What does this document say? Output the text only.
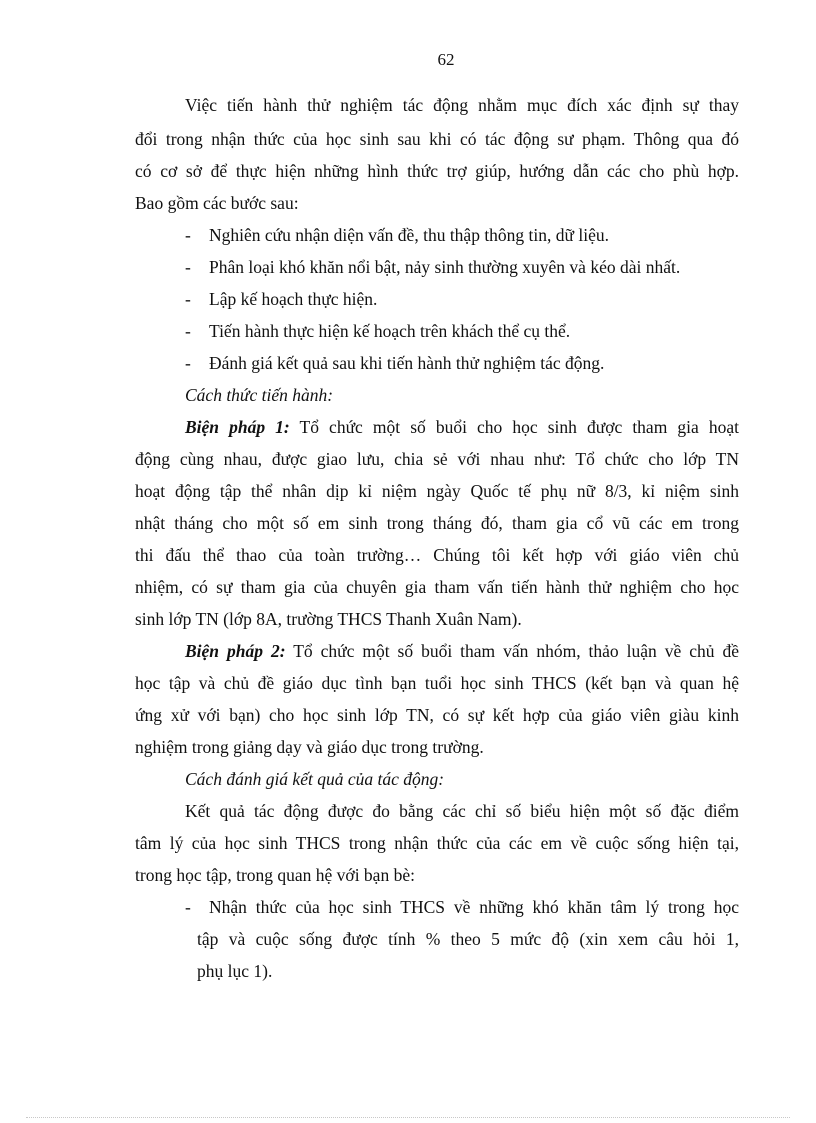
62
Việc tiến hành thử nghiệm tác động nhằm mục đích xác định sự thay
đổi trong nhận thức của học sinh sau khi có tác động sư phạm. Thông qua đó
có cơ sở để thực hiện những hình thức trợ giúp, hướng dẫn các cho phù hợp.
Bao gồm các bước sau:
- Nghiên cứu nhận diện vấn đề, thu thập thông tin, dữ liệu.
- Phân loại khó khăn nổi bật, nảy sinh thường xuyên và kéo dài nhất.
- Lập kế hoạch thực hiện.
- Tiến hành thực hiện kế hoạch trên khách thể cụ thể.
- Đánh giá kết quả sau khi tiến hành thử nghiệm tác động.
Cách thức tiến hành:
Biện pháp 1: Tổ chức một số buổi cho học sinh được tham gia hoạt
động cùng nhau, được giao lưu, chia sẻ với nhau như: Tổ chức cho lớp TN
hoạt động tập thể nhân dịp kỉ niệm ngày Quốc tế phụ nữ 8/3, kỉ niệm sinh
nhật tháng cho một số em sinh trong tháng đó, tham gia cổ vũ các em trong
thi đấu thể thao của toàn trường… Chúng tôi kết hợp với giáo viên chủ
nhiệm, có sự tham gia của chuyên gia tham vấn tiến hành thử nghiệm cho học
sinh lớp TN (lớp 8A, trường THCS Thanh Xuân Nam).
Biện pháp 2: Tổ chức một số buổi tham vấn nhóm, thảo luận về chủ đề
học tập và chủ đề giáo dục tình bạn tuổi học sinh THCS (kết bạn và quan hệ
ứng xử với bạn) cho học sinh lớp TN, có sự kết hợp của giáo viên giàu kinh
nghiệm trong giảng dạy và giáo dục trong trường.
Cách đánh giá kết quả của tác động:
Kết quả tác động được đo bằng các chỉ số biểu hiện một số đặc điểm
tâm lý của học sinh THCS trong nhận thức của các em về cuộc sống hiện tại,
trong học tập, trong quan hệ với bạn bè:
- Nhận thức của học sinh THCS về những khó khăn tâm lý trong học
tập và cuộc sống được tính % theo 5 mức độ (xin xem câu hỏi 1,
phụ lục 1).
